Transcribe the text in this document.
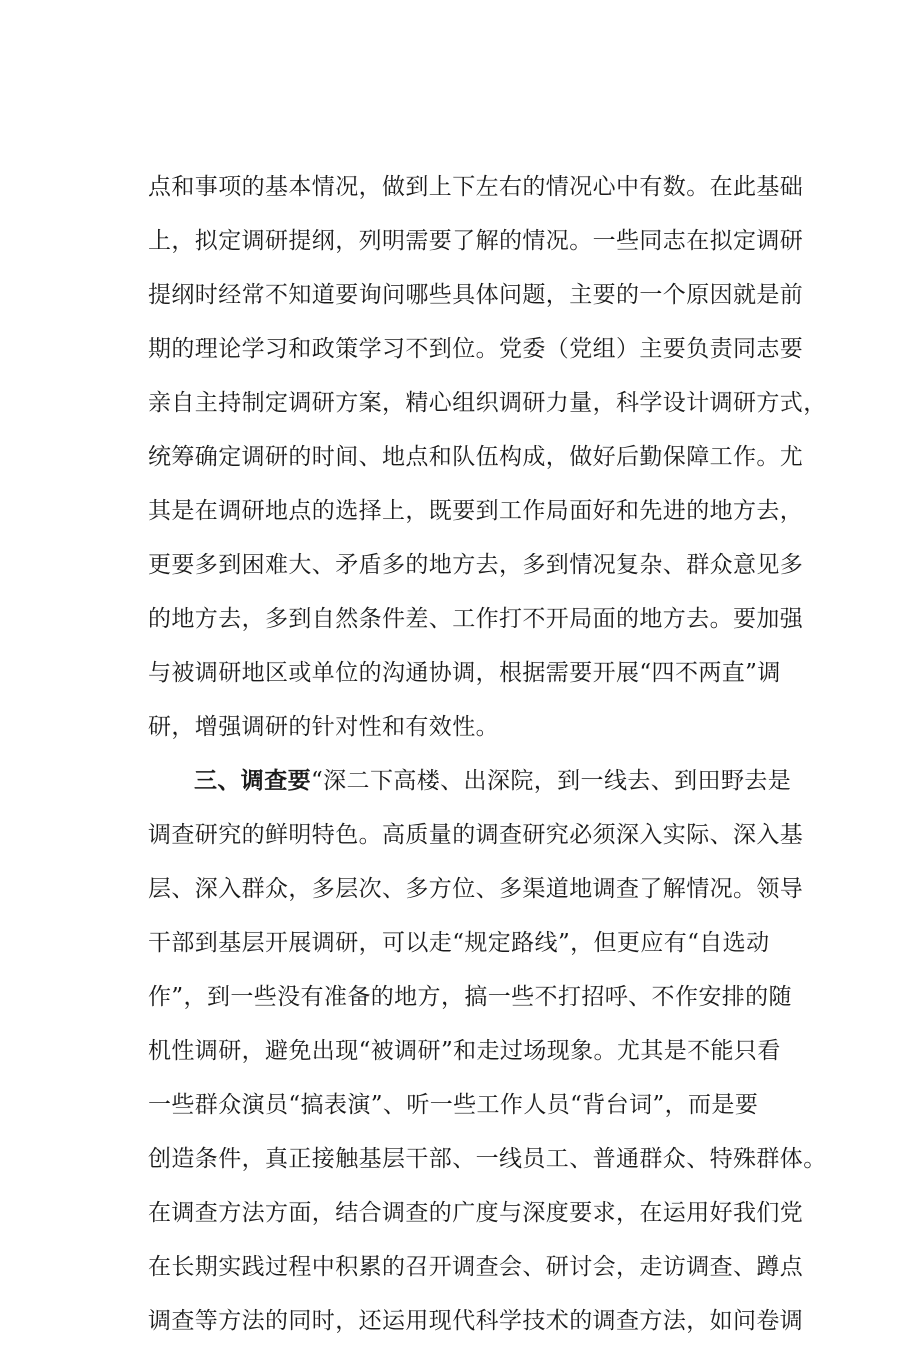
点和事项的基本情况，做到上下左右的情况心中有数。在此基础
上，拟定调研提纲，列明需要了解的情况。一些同志在拟定调研
提纲时经常不知道要询问哪些具体问题，主要的一个原因就是前
期的理论学习和政策学习不到位。党委（党组）主要负责同志要
亲自主持制定调研方案，精心组织调研力量，科学设计调研方式，
统筹确定调研的时间、地点和队伍构成，做好后勤保障工作。尤
其是在调研地点的选择上，既要到工作局面好和先进的地方去，
更要多到困难大、矛盾多的地方去，多到情况复杂、群众意见多
的地方去，多到自然条件差、工作打不开局面的地方去。要加强
与被调研地区或单位的沟通协调，根据需要开展“四不两直”调
研，增强调研的针对性和有效性。
三、调查要“深二下高楼、出深院，到一线去、到田野去是
调查研究的鲜明特色。高质量的调查研究必须深入实际、深入基
层、深入群众，多层次、多方位、多渠道地调查了解情况。领导
干部到基层开展调研，可以走“规定路线”，但更应有“自选动
作”，到一些没有准备的地方，搞一些不打招呼、不作安排的随
机性调研，避免出现“被调研”和走过场现象。尤其是不能只看
一些群众演员“搞表演”、听一些工作人员“背台词”，而是要
创造条件，真正接触基层干部、一线员工、普通群众、特殊群体。
在调查方法方面，结合调查的广度与深度要求，在运用好我们党
在长期实践过程中积累的召开调查会、研讨会，走访调查、蹲点
调查等方法的同时，还运用现代科学技术的调查方法，如问卷调
